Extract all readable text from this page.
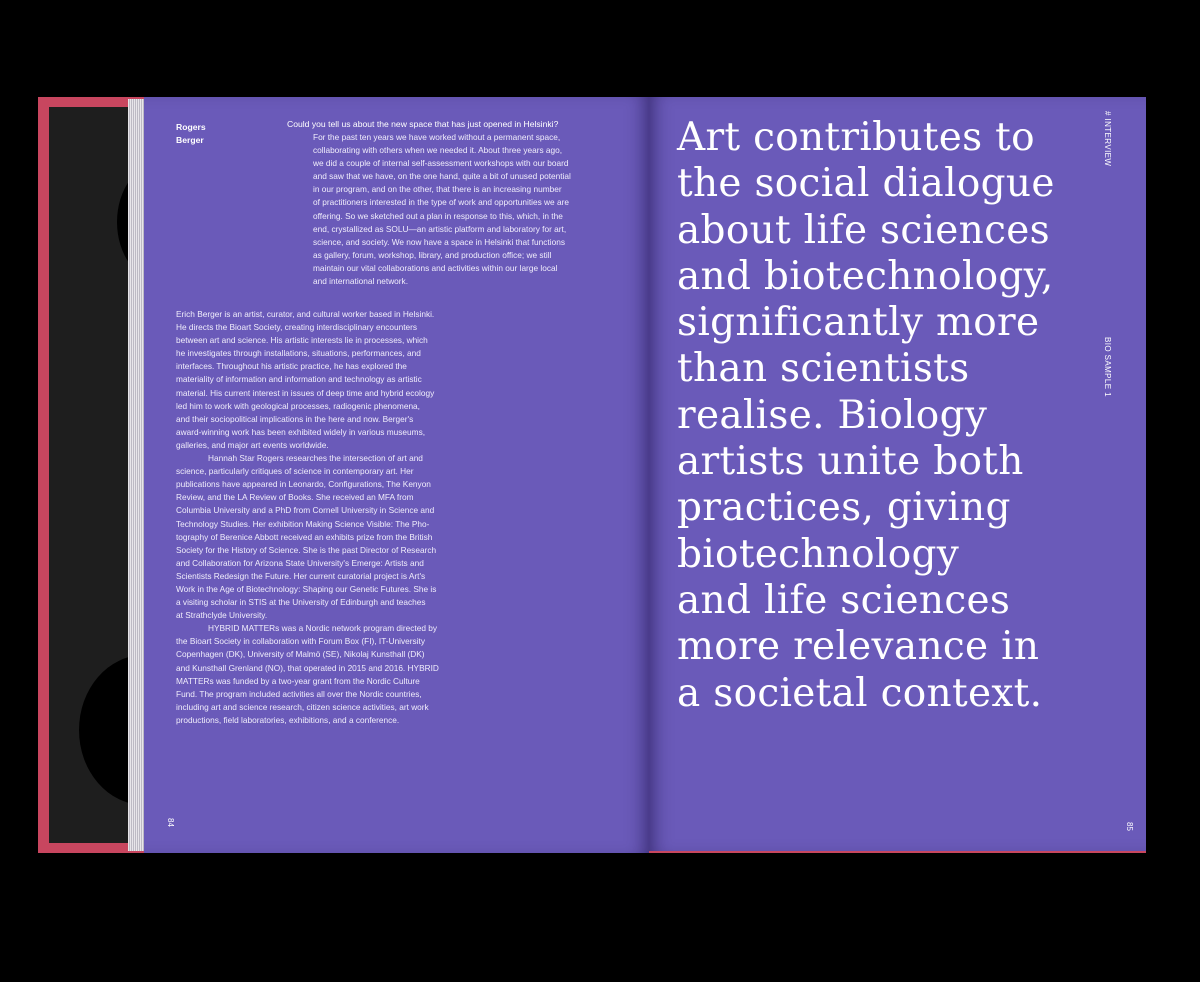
Rogers
Berger
Could you tell us about the new space that has just opened in Helsinki?
For the past ten years we have worked without a permanent space,
collaborating with others when we needed it. About three years ago,
we did a couple of internal self-assessment workshops with our board
and saw that we have, on the one hand, quite a bit of unused potential
in our program, and on the other, that there is an increasing number
of practitioners interested in the type of work and opportunities we are
offering. So we sketched out a plan in response to this, which, in the
end, crystallized as SOLU—an artistic platform and laboratory for art,
science, and society. We now have a space in Helsinki that functions
as gallery, forum, workshop, library, and production office; we still
maintain our vital collaborations and activities within our large local
and international network.
Erich Berger is an artist, curator, and cultural worker based in Helsinki.
He directs the Bioart Society, creating interdisciplinary encounters
between art and science. His artistic interests lie in processes, which
he investigates through installations, situations, performances, and
interfaces. Throughout his artistic practice, he has explored the
materiality of information and information and technology as artistic
material. His current interest in issues of deep time and hybrid ecology
led him to work with geological processes, radiogenic phenomena,
and their sociopolitical implications in the here and now. Berger's
award-winning work has been exhibited widely in various museums,
galleries, and major art events worldwide.
Hannah Star Rogers researches the intersection of art and
science, particularly critiques of science in contemporary art. Her
publications have appeared in Leonardo, Configurations, The Kenyon
Review, and the LA Review of Books. She received an MFA from
Columbia University and a PhD from Cornell University in Science and
Technology Studies. Her exhibition Making Science Visible: The Pho-
tography of Berenice Abbott received an exhibits prize from the British
Society for the History of Science. She is the past Director of Research
and Collaboration for Arizona State University's Emerge: Artists and
Scientists Redesign the Future. Her current curatorial project is Art's
Work in the Age of Biotechnology: Shaping our Genetic Futures. She is
a visiting scholar in STIS at the University of Edinburgh and teaches
at Strathclyde University.
HYBRID MATTERs was a Nordic network program directed by
the Bioart Society in collaboration with Forum Box (FI), IT-University
Copenhagen (DK), University of Malmö (SE), Nikolaj Kunsthall (DK)
and Kunsthall Grenland (NO), that operated in 2015 and 2016. HYBRID
MATTERs was funded by a two-year grant from the Nordic Culture
Fund. The program included activities all over the Nordic countries,
including art and science research, citizen science activities, art work
productions, field laboratories, exhibitions, and a conference.
84
Art contributes to
the social dialogue
about life sciences
and biotechnology,
significantly more
than scientists
realise. Biology
artists unite both
practices, giving
biotechnology
and life sciences
more relevance in
a societal context.
# INTERVIEW
BIO SAMPLE 1
85
